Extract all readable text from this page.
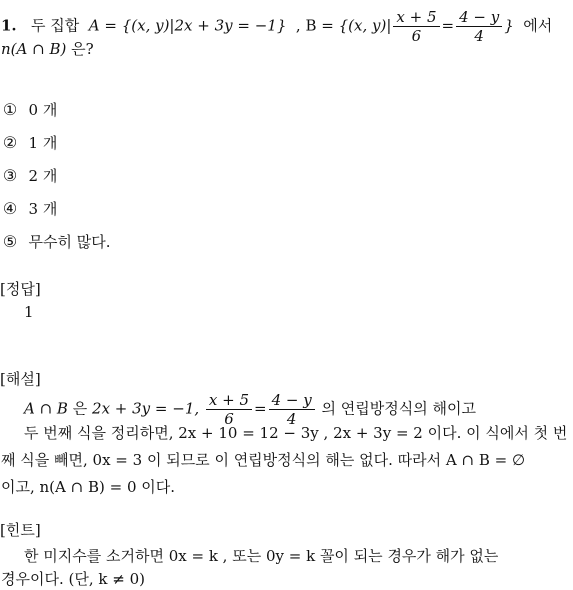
1. 두 집합 A = {(x, y)|2x + 3y = −1} , B = {(x, $y)| \frac{x + 5}{6} = \frac{4 - y}{4}$ } 에서
n(A ∩ B) 은?
① 0 개
② 1 개
③ 2 개
④ 3 개
⑤ 무수히 많다.
[정답]
1
[해설]
A ∩ B 은 2x + 3y = −1, $\frac{x + 5}{6} = \frac{4 - y}{4}$ 의 연립방정식의 해이고
두 번째 식을 정리하면, 2x + 10 = 12 − 3y , 2x + 3y = 2 이다. 이 식에서 첫 번
째 식을 빼면, 0x = 3 이 되므로 이 연립방정식의 해는 없다. 따라서 A ∩ B = ∅
이고, n(A ∩ B) = 0 이다.
[힌트]
한 미지수를 소거하면 0x = k , 또는 0y = k 꼴이 되는 경우가 해가 없는
경우이다. (단, k ≠ 0)
